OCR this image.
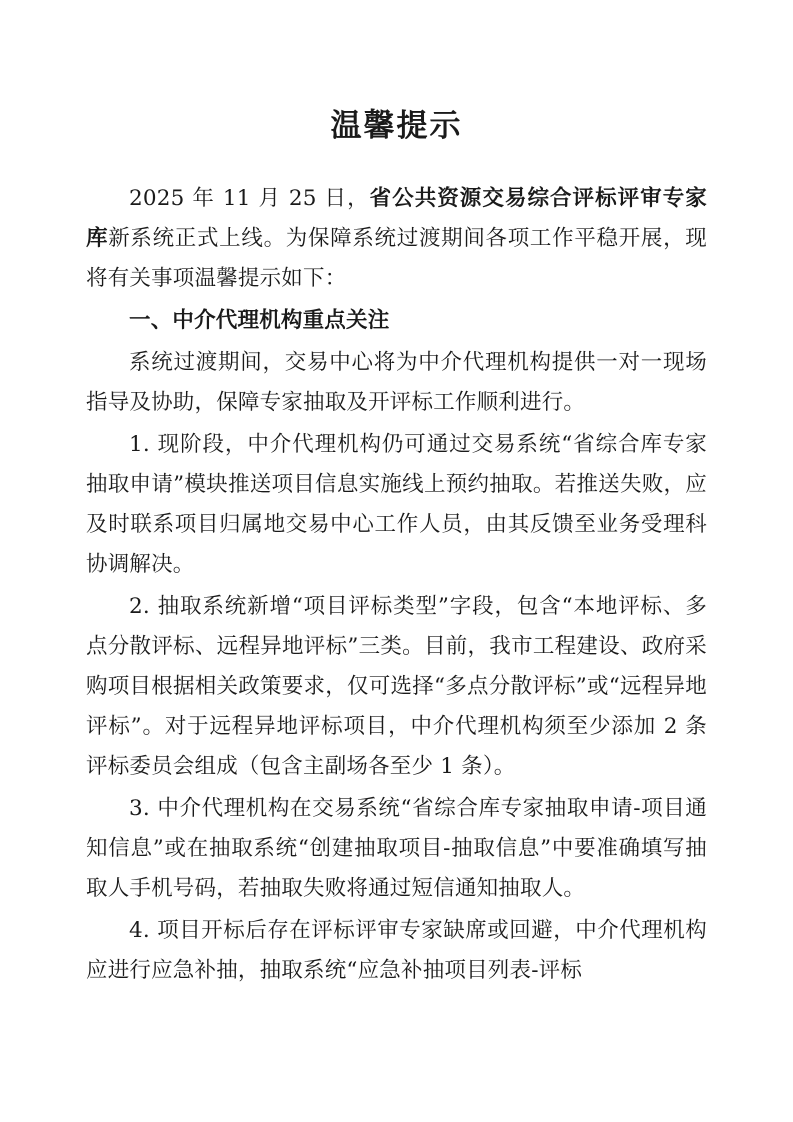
温馨提示
2025 年 11 月 25 日，省公共资源交易综合评标评审专家库新系统正式上线。为保障系统过渡期间各项工作平稳开展，现将有关事项温馨提示如下：
一、中介代理机构重点关注
系统过渡期间，交易中心将为中介代理机构提供一对一现场指导及协助，保障专家抽取及开评标工作顺利进行。
1. 现阶段，中介代理机构仍可通过交易系统“省综合库专家抽取申请”模块推送项目信息实施线上预约抽取。若推送失败，应及时联系项目归属地交易中心工作人员，由其反馈至业务受理科协调解决。
2. 抽取系统新增“项目评标类型”字段，包含“本地评标、多点分散评标、远程异地评标”三类。目前，我市工程建设、政府采购项目根据相关政策要求，仅可选择“多点分散评标”或“远程异地评标”。对于远程异地评标项目，中介代理机构须至少添加 2 条评标委员会组成（包含主副场各至少 1 条）。
3. 中介代理机构在交易系统“省综合库专家抽取申请-项目通知信息”或在抽取系统“创建抽取项目-抽取信息”中要准确填写抽取人手机号码，若抽取失败将通过短信通知抽取人。
4. 项目开标后存在评标评审专家缺席或回避，中介代理机构应进行应急补抽，抽取系统“应急补抽项目列表-评标
